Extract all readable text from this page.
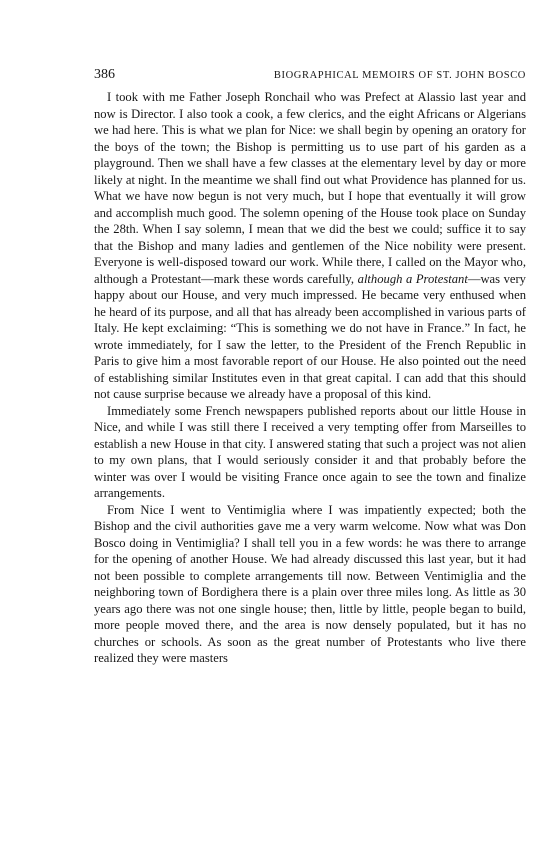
386	BIOGRAPHICAL MEMOIRS OF ST. JOHN BOSCO

I took with me Father Joseph Ronchail who was Prefect at Alassio last year and now is Director. I also took a cook, a few clerics, and the eight Africans or Algerians we had here. This is what we plan for Nice: we shall begin by opening an oratory for the boys of the town; the Bishop is permitting us to use part of his garden as a playground. Then we shall have a few classes at the elementary level by day or more likely at night. In the meantime we shall find out what Providence has planned for us. What we have now begun is not very much, but I hope that eventually it will grow and accomplish much good. The solemn opening of the House took place on Sunday the 28th. When I say solemn, I mean that we did the best we could; suffice it to say that the Bishop and many ladies and gentlemen of the Nice nobility were present. Everyone is well-disposed toward our work. While there, I called on the Mayor who, although a Protestant—mark these words carefully, although a Protestant—was very happy about our House, and very much impressed. He became very enthused when he heard of its purpose, and all that has already been accomplished in various parts of Italy. He kept exclaiming: “This is something we do not have in France.” In fact, he wrote immediately, for I saw the letter, to the President of the French Republic in Paris to give him a most favorable report of our House. He also pointed out the need of establishing similar Institutes even in that great capital. I can add that this should not cause surprise because we already have a proposal of this kind.

Immediately some French newspapers published reports about our little House in Nice, and while I was still there I received a very tempting offer from Marseilles to establish a new House in that city. I answered stating that such a project was not alien to my own plans, that I would seriously consider it and that probably before the winter was over I would be visiting France once again to see the town and finalize arrangements.

From Nice I went to Ventimiglia where I was impatiently expected; both the Bishop and the civil authorities gave me a very warm welcome. Now what was Don Bosco doing in Ventimiglia? I shall tell you in a few words: he was there to arrange for the opening of another House. We had already discussed this last year, but it had not been possible to complete arrangements till now. Between Ventimiglia and the neighboring town of Bordighera there is a plain over three miles long. As little as 30 years ago there was not one single house; then, little by little, people began to build, more people moved there, and the area is now densely populated, but it has no churches or schools. As soon as the great number of Protestants who live there realized they were masters
